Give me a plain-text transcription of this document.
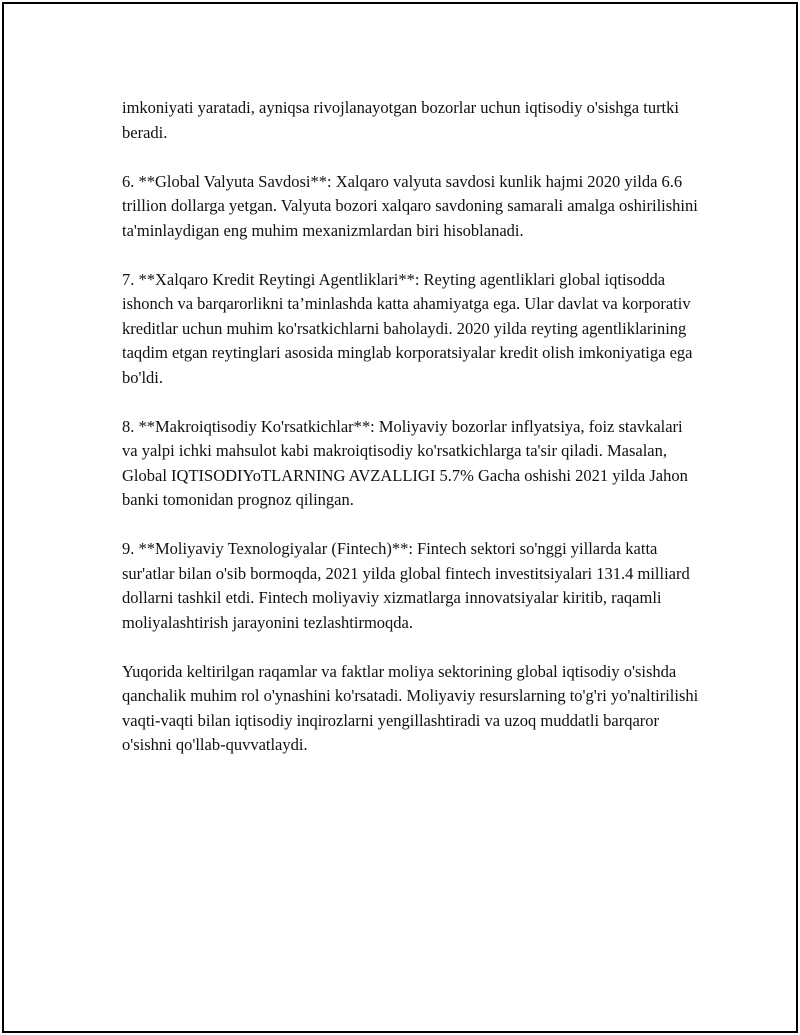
imkoniyati yaratadi, ayniqsa rivojlanayotgan bozorlar uchun iqtisodiy o'sishga turtki beradi.

6. **Global Valyuta Savdosi**: Xalqaro valyuta savdosi kunlik hajmi 2020 yilda 6.6 trillion dollarga yetgan. Valyuta bozori xalqaro savdoning samarali amalga oshirilishini ta'minlaydigan eng muhim mexanizmlardan biri hisoblanadi.

7. **Xalqaro Kredit Reytingi Agentliklari**: Reyting agentliklari global iqtisodda ishonch va barqarorlikni ta’minlashda katta ahamiyatga ega. Ular davlat va korporativ kreditlar uchun muhim ko'rsatkichlarni baholaydi. 2020 yilda reyting agentliklarining taqdim etgan reytinglari asosida minglab korporatsiyalar kredit olish imkoniyatiga ega bo'ldi.

8. **Makroiqtisodiy Ko'rsatkichlar**: Moliyaviy bozorlar inflyatsiya, foiz stavkalari va yalpi ichki mahsulot kabi makroiqtisodiy ko'rsatkichlarga ta'sir qiladi. Masalan, Global IQTISODIYoTLARNING AVZALLIGI 5.7% Gacha oshishi 2021 yilda Jahon banki tomonidan prognoz qilingan.

9. **Moliyaviy Texnologiyalar (Fintech)**: Fintech sektori so'nggi yillarda katta sur'atlar bilan o'sib bormoqda, 2021 yilda global fintech investitsiyalari 131.4 milliard dollarni tashkil etdi. Fintech moliyaviy xizmatlarga innovatsiyalar kiritib, raqamli moliyalashtirish jarayonini tezlashtirmoqda.

Yuqorida keltirilgan raqamlar va faktlar moliya sektorining global iqtisodiy o'sishda qanchalik muhim rol o'ynashini ko'rsatadi. Moliyaviy resurslarning to'g'ri yo'naltirilishi vaqti-vaqti bilan iqtisodiy inqirozlarni yengillashtiradi va uzoq muddatli barqaror o'sishni qo'llab-quvvatlaydi.
